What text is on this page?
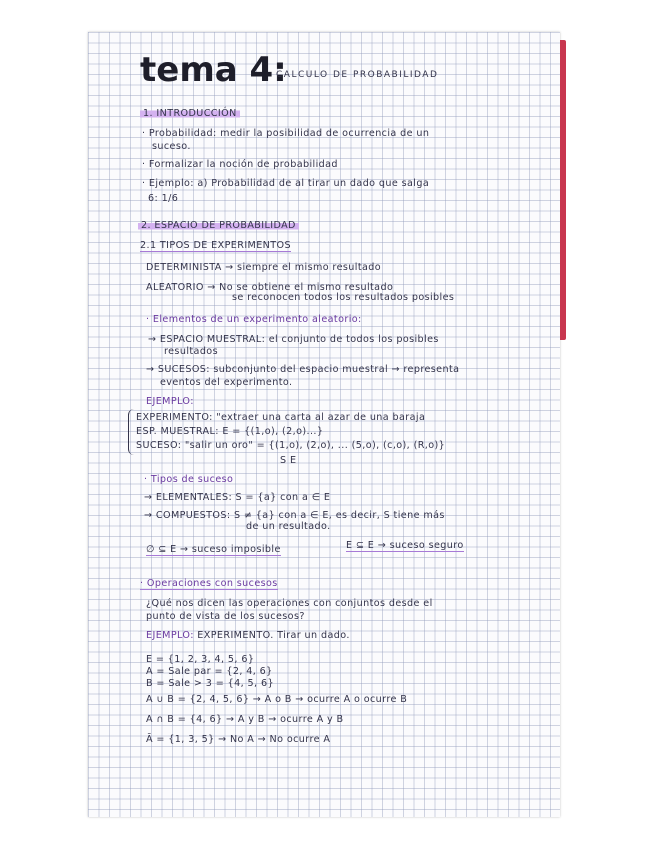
tema 4:
CALCULO DE PROBABILIDAD
1. INTRODUCCIÓN
· Probabilidad: medir la posibilidad de ocurrencia de un
suceso.
· Formalizar la noción de probabilidad
· Ejemplo: a) Probabilidad de al tirar un dado que salga
6: 1/6
2. ESPACIO DE PROBABILIDAD
2.1 TIPOS DE EXPERIMENTOS
DETERMINISTA → siempre el mismo resultado
ALEATORIO → No se obtiene el mismo resultado
se reconocen todos los resultados posibles
· Elementos de un experimento aleatorio:
→ ESPACIO MUESTRAL: el conjunto de todos los posibles
resultados
→ SUCESOS: subconjunto del espacio muestral → representa
eventos del experimento.
EJEMPLO:
EXPERIMENTO: "extraer una carta al azar de una baraja
ESP. MUESTRAL: E = {(1,o), (2,o)...}
SUCESO: "salir un oro" = {(1,o), (2,o), ... (5,o), (c,o), (R,o)}
S E
· Tipos de suceso
→ ELEMENTALES: S = {a} con a ∈ E
→ COMPUESTOS: S ≠ {a} con a ∈ E, es decir, S tiene más
de un resultado.
∅ ⊆ E → suceso imposible	E ⊆ E → suceso seguro
· Operaciones con sucesos
¿Qué nos dicen las operaciones con conjuntos desde el
punto de vista de los sucesos?
EJEMPLO: EXPERIMENTO. Tirar un dado.
E = {1, 2, 3, 4, 5, 6}
A = Sale par = {2, 4, 6}
B = Sale > 3 = {4, 5, 6}
A ∪ B = {2, 4, 5, 6} → A o B → ocurre A o ocurre B
A ∩ B = {4, 6} → A y B → ocurre A y B
Ā = {1, 3, 5} → No A → No ocurre A
